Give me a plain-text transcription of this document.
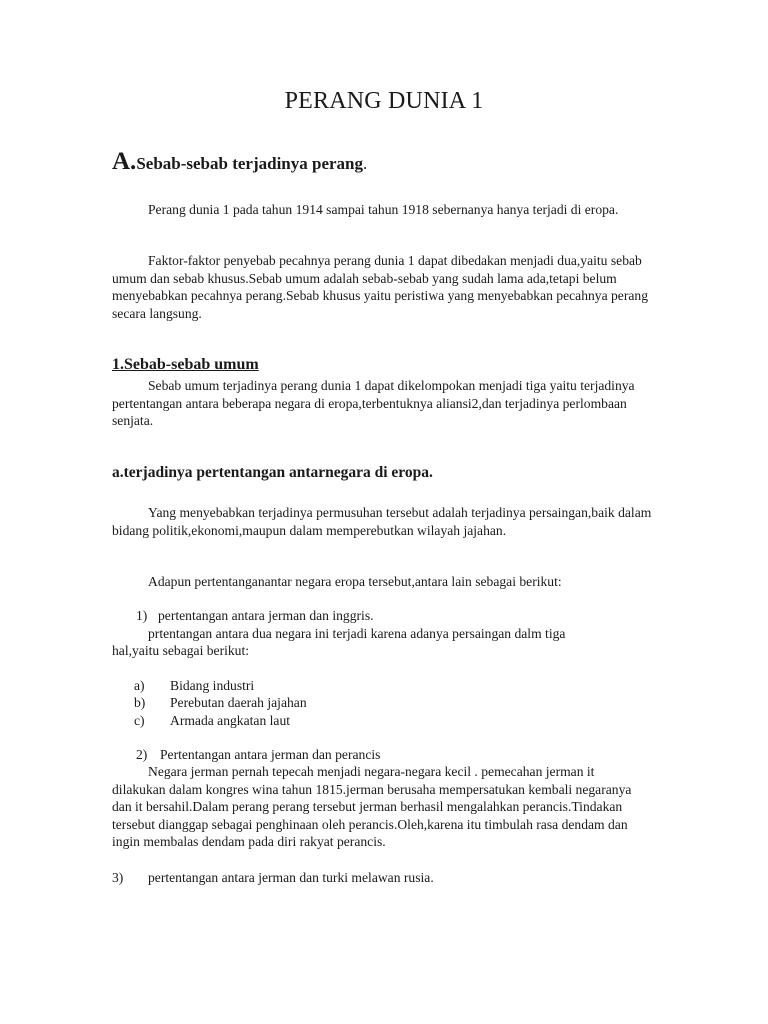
PERANG DUNIA 1
A.Sebab-sebab terjadinya perang.

Perang dunia 1 pada tahun 1914 sampai tahun 1918 sebernanya hanya terjadi di eropa.

Faktor-faktor penyebab pecahnya perang dunia 1 dapat dibedakan menjadi dua,yaitu sebab umum dan sebab khusus.Sebab umum adalah sebab-sebab yang sudah lama ada,tetapi belum menyebabkan pecahnya perang.Sebab khusus yaitu peristiwa yang menyebabkan pecahnya perang secara langsung.

1.Sebab-sebab umum

Sebab umum terjadinya perang dunia 1 dapat dikelompokan menjadi tiga yaitu terjadinya pertentangan antara beberapa negara di eropa,terbentuknya aliansi2,dan terjadinya perlombaan senjata.

a.terjadinya pertentangan antarnegara di eropa.

Yang menyebabkan terjadinya permusuhan tersebut adalah terjadinya persaingan,baik dalam bidang politik,ekonomi,maupun dalam memperebutkan wilayah jajahan.

Adapun pertentanganantar negara eropa tersebut,antara lain sebagai berikut:

1) pertentangan antara jerman dan inggris.
prtentangan antara dua negara ini terjadi karena adanya persaingan dalm tiga
hal,yaitu sebagai berikut:
a) Bidang industri
b) Perebutan daerah jajahan
c) Armada angkatan laut
2) Pertentangan antara jerman dan perancis

Negara jerman pernah tepecah menjadi negara-negara kecil . pemecahan jerman it dilakukan dalam kongres wina tahun 1815.jerman berusaha mempersatukan kembali negaranya dan it bersahil.Dalam perang perang tersebut jerman berhasil mengalahkan perancis.Tindakan tersebut dianggap sebagai penghinaan oleh perancis.Oleh,karena itu timbulah rasa dendam dan ingin membalas dendam pada diri rakyat perancis.

3) pertentangan antara jerman dan turki melawan rusia.
